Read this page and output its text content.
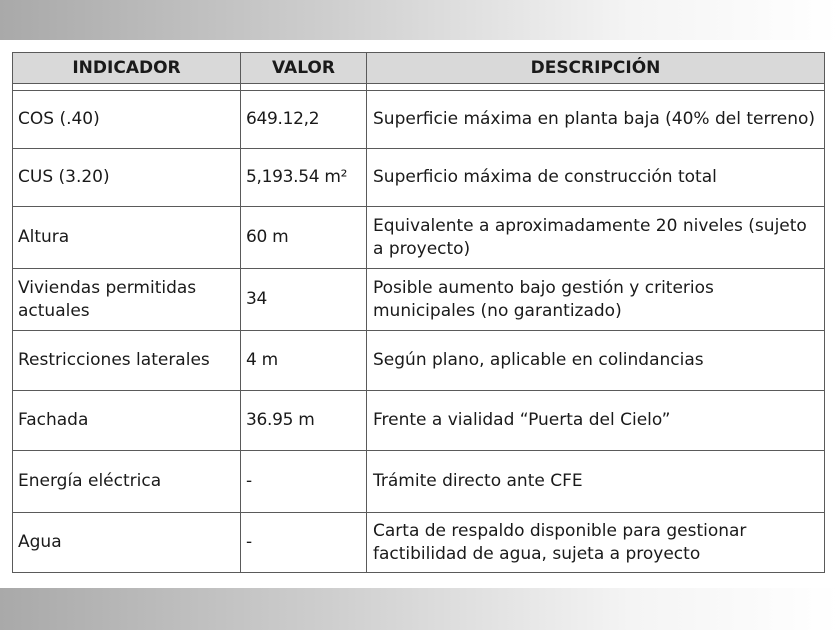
INDICADOR	VALOR	DESCRIPCIÓN

COS (.40)	649.12,2	Superficie máxima en planta baja (40% del terreno)
CUS (3.20)	5,193.54 m²	Superficio máxima de construcción total
Altura	60 m	Equivalente a aproximadamente 20 niveles (sujeto a proyecto)
Viviendas permitidas actuales	34	Posible aumento bajo gestión y criterios municipales (no garantizado)
Restricciones laterales	4 m	Según plano, aplicable en colindancias
Fachada	36.95 m	Frente a vialidad “Puerta del Cielo”
Energía eléctrica	-	Trámite directo ante CFE
Agua	-	Carta de respaldo disponible para gestionar factibilidad de agua, sujeta a proyecto
